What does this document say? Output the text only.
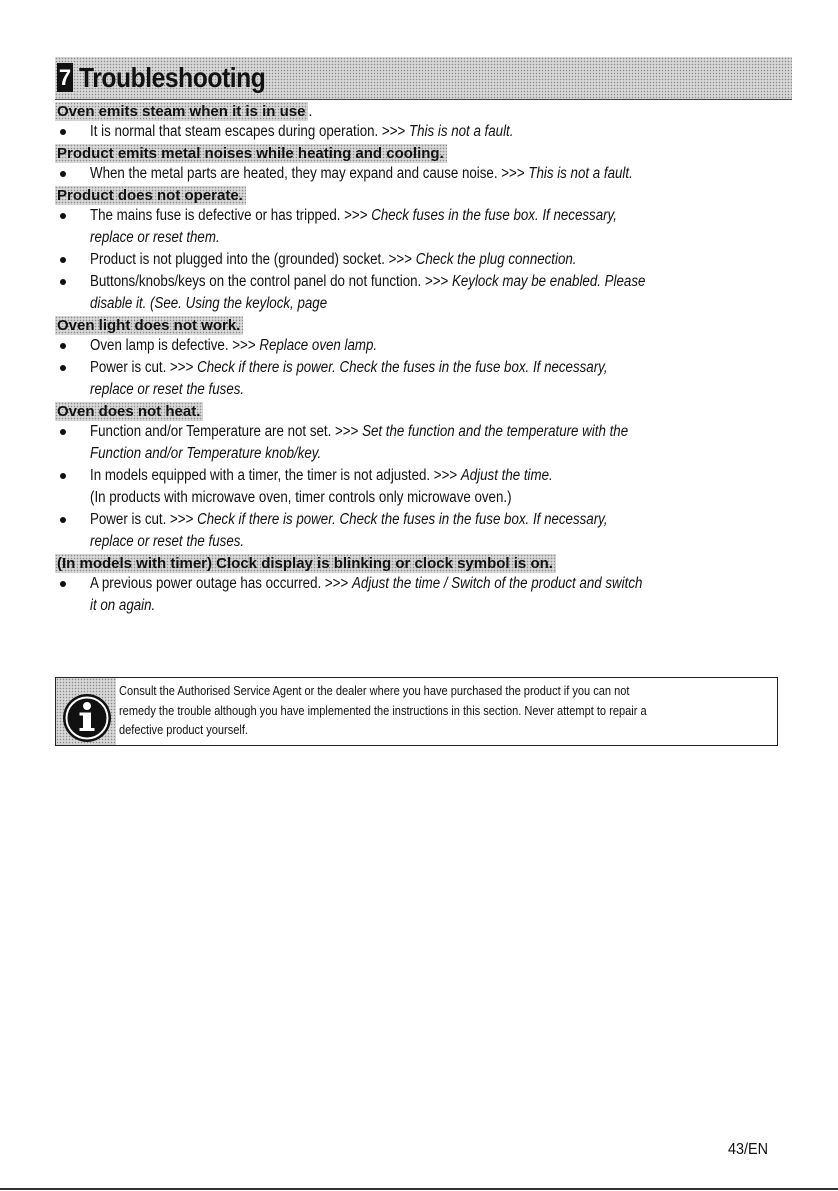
7 Troubleshooting
Oven emits steam when it is in use .
It is normal that steam escapes during operation. >>> This is not a fault.
Product emits metal noises while heating and cooling.
When the metal parts are heated, they may expand and cause noise. >>> This is not a fault.
Product does not operate.
The mains fuse is defective or has tripped. >>> Check fuses in the fuse box. If necessary,
replace or reset them.
Product is not plugged into the (grounded) socket. >>> Check the plug connection.
Buttons/knobs/keys on the control panel do not function. >>> Keylock may be enabled. Please
disable it. (See. Using the keylock, page
Oven light does not work.
Oven lamp is defective. >>> Replace oven lamp.
Power is cut. >>> Check if there is power. Check the fuses in the fuse box. If necessary,
replace or reset the fuses.
Oven does not heat.
Function and/or Temperature are not set. >>> Set the function and the temperature with the
Function and/or Temperature knob/key.
In models equipped with a timer, the timer is not adjusted. >>> Adjust the time.
(In products with microwave oven, timer controls only microwave oven.)
Power is cut. >>> Check if there is power. Check the fuses in the fuse box. If necessary,
replace or reset the fuses.
(In models with timer) Clock display is blinking or clock symbol is on.
A previous power outage has occurred. >>> Adjust the time / Switch of the product and switch
it on again.
Consult the Authorised Service Agent or the dealer where you have purchased the product if you can not
remedy the trouble although you have implemented the instructions in this section. Never attempt to repair a
defective product yourself.
43/EN
